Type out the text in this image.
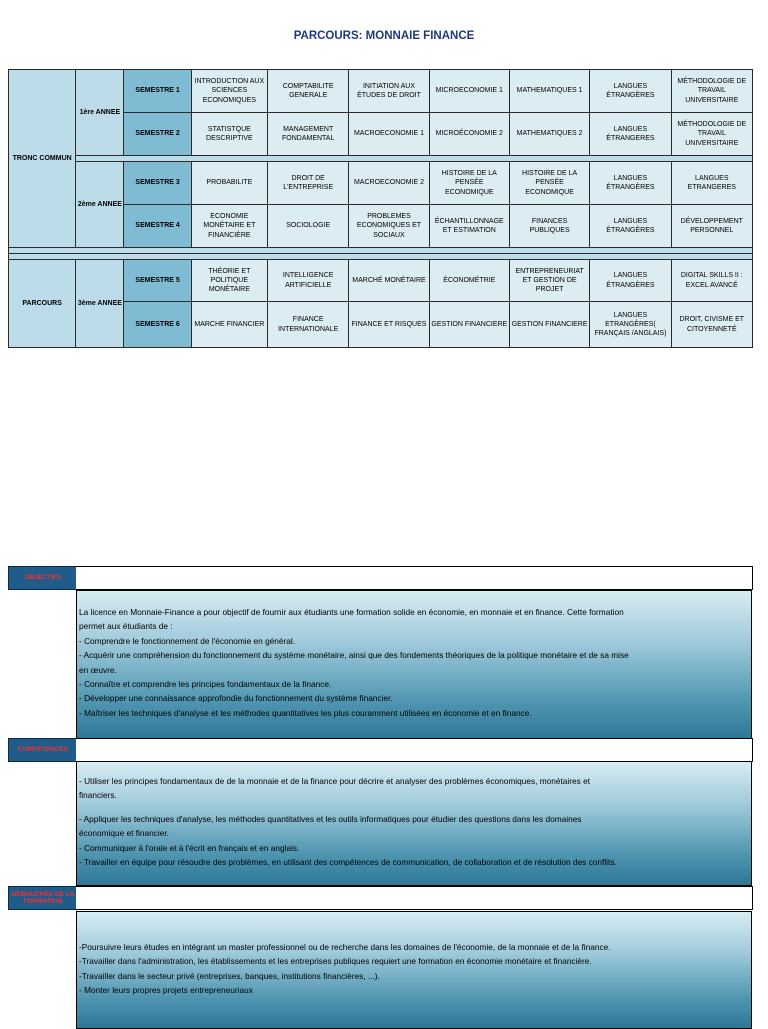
PARCOURS: MONNAIE FINANCE
TRONC COMMUN	1ère ANNEE	SEMESTRE 1	INTRODUCTION AUX SCIENCES ECONOMIQUES	COMPTABILITE GENERALE	INITIATION AUX ÉTUDES DE DROIT	MICROECONOMIE 1	MATHEMATIQUES 1	LANGUES ÉTRANGÈRES	MÉTHODOLOGIE DE TRAVAIL UNIVERSITAIRE
		SEMESTRE 2	STATISTQUE DESCRIPTIVE	MANAGEMENT FONDAMENTAL	MACROECONOMIE 1	MICROÉCONOMIE 2	MATHEMATIQUES 2	LANGUES ÉTRANGERES	MÉTHODOLOGIE DE TRAVAIL UNIVERSITAIRE

	2ème ANNEE	SEMESTRE 3	PROBABILITE	DROIT DE L'ENTREPRISE	MACROECONOMIE 2	HISTOIRE DE LA PENSÉE ECONOMIQUE	HISTOIRE DE LA PENSÉE ECONOMIQUE	LANGUES ÉTRANGÈRES	LANGUES ETRANGERES
		SEMESTRE 4	ECONOMIE MONÉTAIRE ET FINANCIÈRE	SOCIOLOGIE	PROBLEMES ECONOMIQUES ET SOCIAUX	ÉCHANTILLONNAGE ET ESTIMATION	FINANCES PUBLIQUES	LANGUES ÉTRANGÈRES	DÉVELOPPEMENT PERSONNEL

PARCOURS	3ème ANNEE	SEMESTRE 5	THÉORIE ET POLITIQUE MONÉTAIRE	INTELLIGENCE ARTIFICIELLE	MARCHÉ MONÉTAIRE	ÉCONOMÉTRIE	ENTREPRENEURIAT ET GESTION DE PROJET	LANGUES ÉTRANGÈRES	DIGITAL SKILLS II : EXCEL AVANCÉ
		SEMESTRE 6	MARCHE FINANCIER	FINANCE INTERNATIONALE	FINANCE ET RISQUES	GESTION FINANCIERE	GESTION FINANCIERE	LANGUES ETRANGÈRES( FRANÇAIS /ANGLAIS)	DROIT, CIVISME ET CITOYENNETÉ
OBJECTIFS
La licence en Monnaie-Finance a pour objectif de fournir aux étudiants une formation solide en économie, en monnaie et en finance. Cette formation
permet aux étudiants de :
- Comprendre le fonctionnement de l'économie en général.
- Acquérir une compréhension du fonctionnement du système monétaire, ainsi que des fondements théoriques de la politique monétaire et de sa mise
en œuvre.
- Connaître et comprendre les principes fondamentaux de la finance.
- Développer une connaissance approfondie du fonctionnement du système financier.
- Maîtriser les techniques d'analyse et les méthodes quantitatives les plus couramment utilisées en économie et en finance.
COMPETENCES
- Utiliser les principes fondamentaux de de la monnaie et de la finance pour décrire et analyser des problèmes économiques, monétaires et
financiers.
- Appliquer les techniques d'analyse, les méthodes quantitatives et les outils informatiques pour étudier des questions dans les domaines
économique et financier.
- Communiquer à l'orale et à l'écrit en français et en anglais.
- Travailler en équipe pour résoudre des problèmes, en utilisant des compétences de communication, de collaboration et de résolution des conflits.
DÉBOUCHÉS DE LA FORMATION
-Poursuivre leurs études en intégrant un master professionnel ou de recherche dans les domaines de l'économie, de la monnaie et de la finance.
-Travailler dans l'administration, les établissements et les entreprises publiques requiert une formation en économie monétaire et financière.
-Travailler dans le secteur privé (entreprises, banques, institutions financières, ...).
- Monter leurs propres projets entrepreneuriaux
